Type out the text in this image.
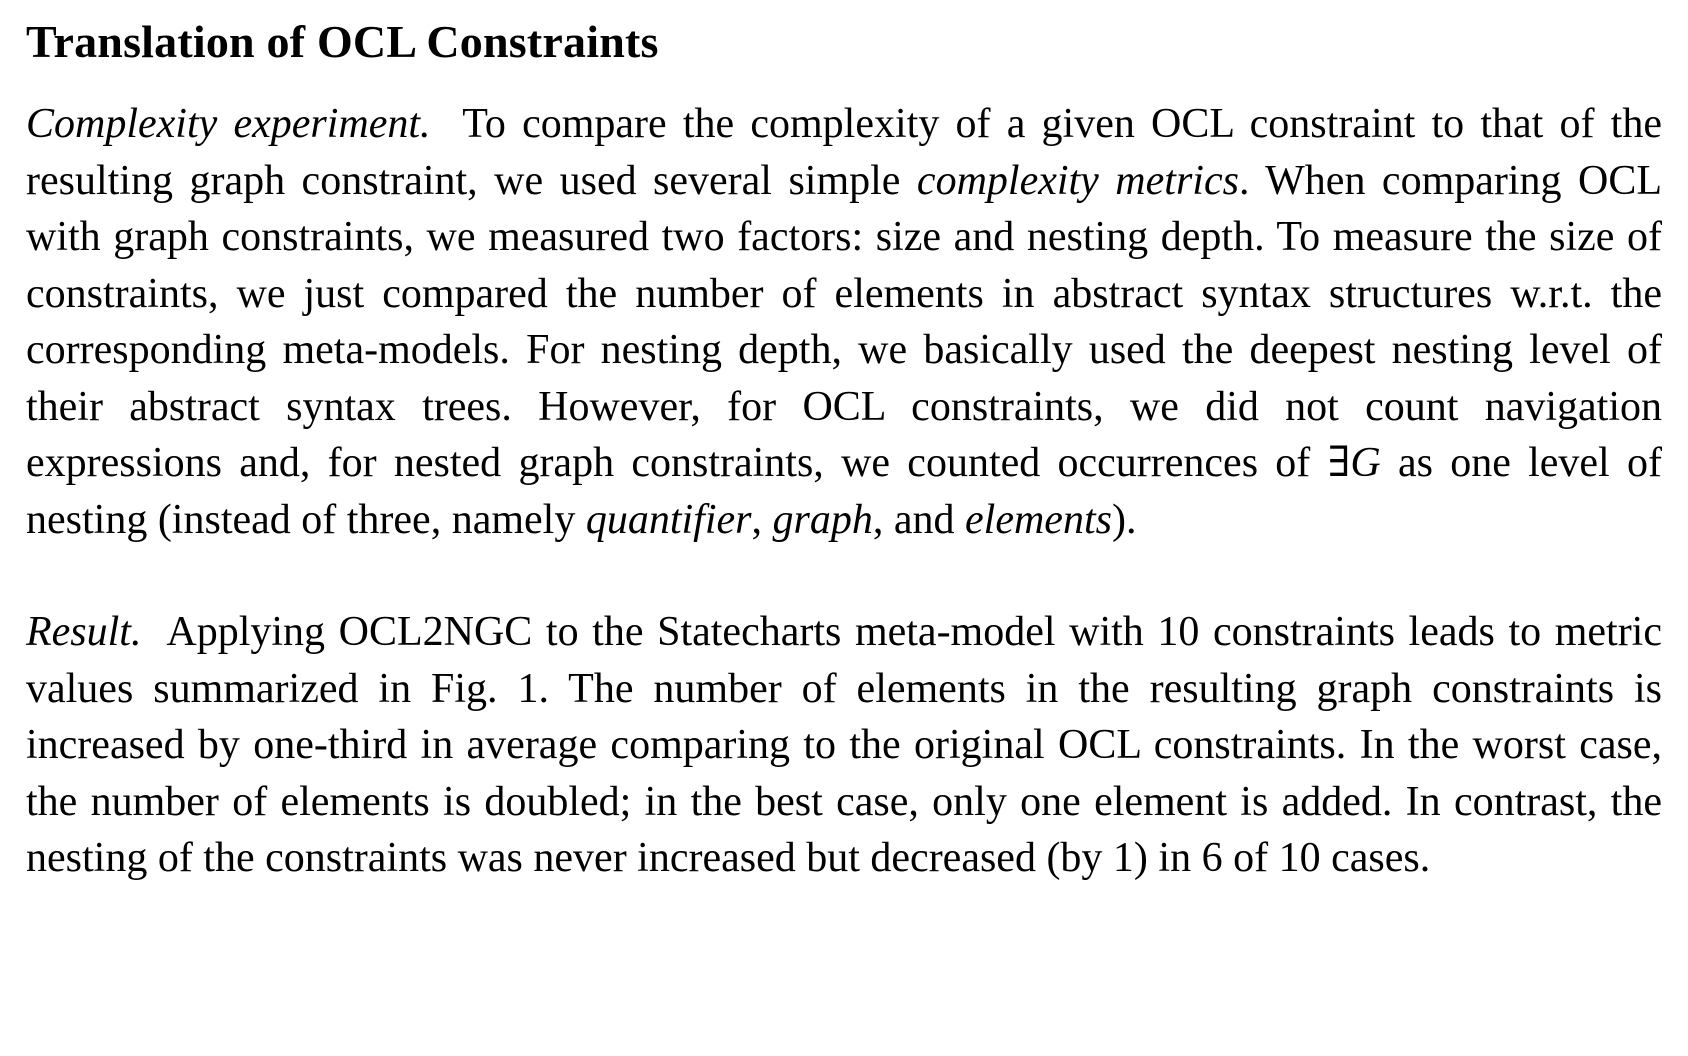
Translation of OCL Constraints

Complexity experiment. To compare the complexity of a given OCL constraint to that of the resulting graph constraint, we used several simple complexity metrics. When comparing OCL with graph constraints, we measured two factors: size and nesting depth. To measure the size of constraints, we just compared the number of elements in abstract syntax structures w.r.t. the corresponding meta-models. For nesting depth, we basically used the deepest nesting level of their abstract syntax trees. However, for OCL constraints, we did not count navigation expressions and, for nested graph constraints, we counted occurrences of ∃G as one level of nesting (instead of three, namely quantifier, graph, and elements).

Result. Applying OCL2NGC to the Statecharts meta-model with 10 constraints leads to metric values summarized in Fig. 1. The number of elements in the resulting graph constraints is increased by one-third in average comparing to the original OCL constraints. In the worst case, the number of elements is doubled; in the best case, only one element is added. In contrast, the nesting of the constraints was never increased but decreased (by 1) in 6 of 10 cases.
